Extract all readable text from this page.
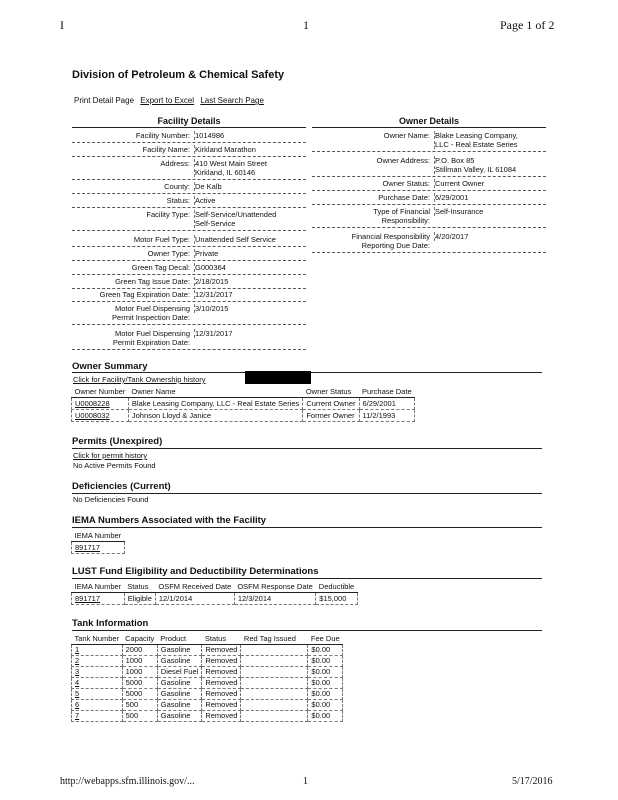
I	1	Page 1 of 2
Division of Petroleum & Chemical Safety
Print Detail Page Export to Excel Last Search Page
Facility Details	Owner Details
Facility Number: 1014986
Facility Name: Kirkland Marathon
Address: 410 West Main Street
Kirkland, IL 60146
County: De Kalb
Status: Active
Facility Type: Self-Service/Unattended
Self-Service
Motor Fuel Type: Unattended Self Service
Owner Type: Private
Green Tag Decal: G000364
Green Tag Issue Date: 2/18/2015
Green Tag Expiration Date: 12/31/2017
Motor Fuel Dispensing
Permit Inspection Date:
3/10/2015
Motor Fuel Dispensing
Permit Expiration Date:
12/31/2017
Owner Name: Blake Leasing Company,
LLC - Real Estate Series
Owner Address: P.O. Box 85
Stillman Valley, IL 61084
Owner Status: Current Owner
Purchase Date: 6/29/2001
Type of Financial
Responsibility:
Self-Insurance
Financial Responsibility
Reporting Due Date:
4/20/2017
Owner Summary
Click for Facility/Tank Ownership history
Owner Number	Owner Name	Owner Status	Purchase Date
U0008228	Blake Leasing Company, LLC - Real Estate Series	Current Owner	6/29/2001
U0008032	Johnson Lloyd & Janice	Former Owner	11/2/1993
Permits (Unexpired)
Click for permit history
No Active Permits Found
Deficiencies (Current)
No Deficiencies Found
IEMA Numbers Associated with the Facility
IEMA Number
891717
LUST Fund Eligibility and Deductibility Determinations
IEMA Number	Status	OSFM Received Date	OSFM Response Date	Deductible
891717	Eligible	12/1/2014	12/3/2014	$15,000
Tank Information
Tank Number	Capacity	Product	Status	Red Tag Issued	Fee Due
1	2000	Gasoline	Removed		$0.00
2	1000	Gasoline	Removed		$0.00
3	1000	Diesel Fuel	Removed		$0.00
4	5000	Gasoline	Removed		$0.00
5	5000	Gasoline	Removed		$0.00
6	500	Gasoline	Removed		$0.00
7	500	Gasoline	Removed		$0.00
http://webapps.sfm.illinois.gov/...	1	5/17/2016
